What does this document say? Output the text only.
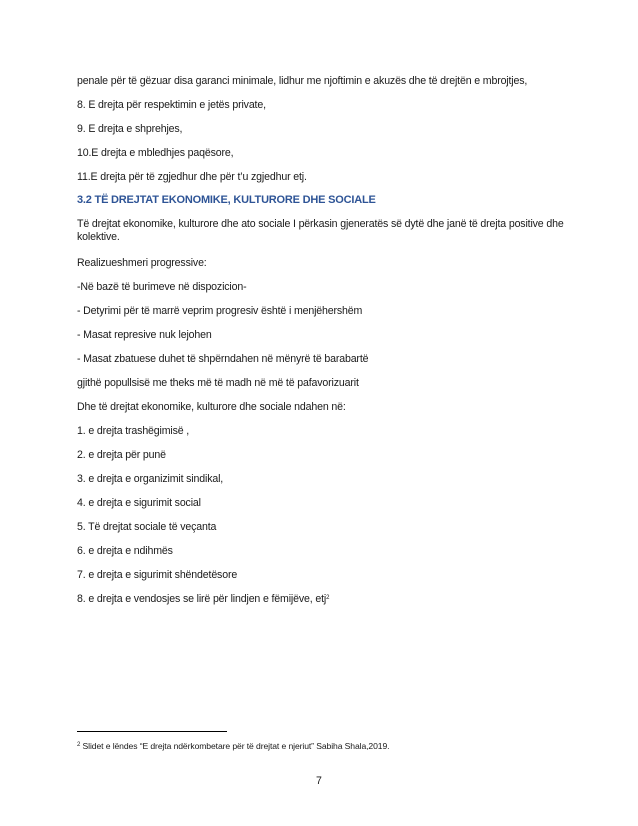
penale për të gëzuar disa garanci minimale, lidhur me njoftimin e akuzës dhe të drejtën e mbrojtjes,
8. E drejta për respektimin e jetës private,
9. E drejta e shprehjes,
10.E drejta e mbledhjes paqësore,
11.E drejta për të zgjedhur dhe për t’u zgjedhur etj.
3.2 TË DREJTAT EKONOMIKE, KULTURORE DHE SOCIALE
Të drejtat ekonomike, kulturore dhe ato sociale I përkasin gjeneratës së dytë dhe janë të drejta positive dhe kolektive.
Realizueshmeri progressive:
-Në bazë të burimeve në dispozicion-
- Detyrimi për të marrë veprim progresiv është i menjëhershëm
- Masat represive nuk lejohen
- Masat zbatuese duhet të shpërndahen në mënyrë të barabartë
gjithë popullsisë me theks më të madh në më të pafavorizuarit
Dhe të drejtat ekonomike, kulturore dhe sociale ndahen në:
1. e drejta trashëgimisë ,
2. e drejta për punë
3. e drejta e organizimit sindikal,
4. e drejta e sigurimit social
5. Të drejtat sociale të veçanta
6. e drejta e ndihmës
7. e drejta e sigurimit shëndetësore
8. e drejta e vendosjes se lirë për lindjen e fëmijëve, etj$^2$
$^2$ Slidet e lëndes “E drejta ndërkombetare për të drejtat e njeriut” Sabiha Shala,2019.
7
